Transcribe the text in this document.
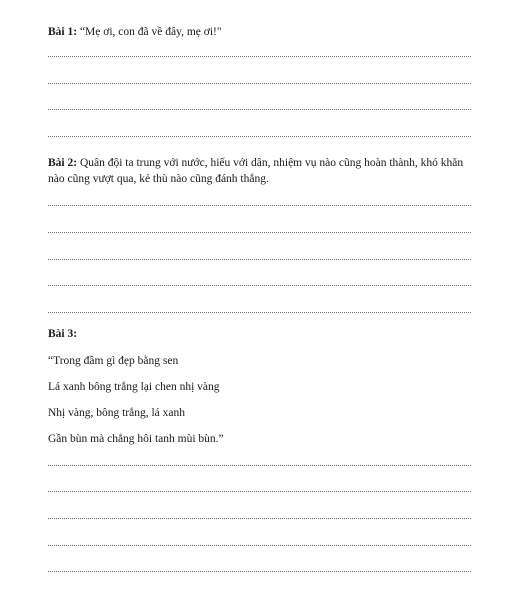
Bài 1: “Mẹ ơi, con đã về đây, mẹ ơi!"
Bài 2: Quân đội ta trung với nước, hiếu với dân, nhiệm vụ nào cũng hoàn thành, khó khăn nào cũng vượt qua, kẻ thù nào cũng đánh thắng.
Bài 3:
“Trong đầm gì đẹp bằng sen
Lá xanh bông trắng lại chen nhị vàng
Nhị vàng, bông trắng, lá xanh
Gần bùn mà chẳng hôi tanh mùi bùn.”
